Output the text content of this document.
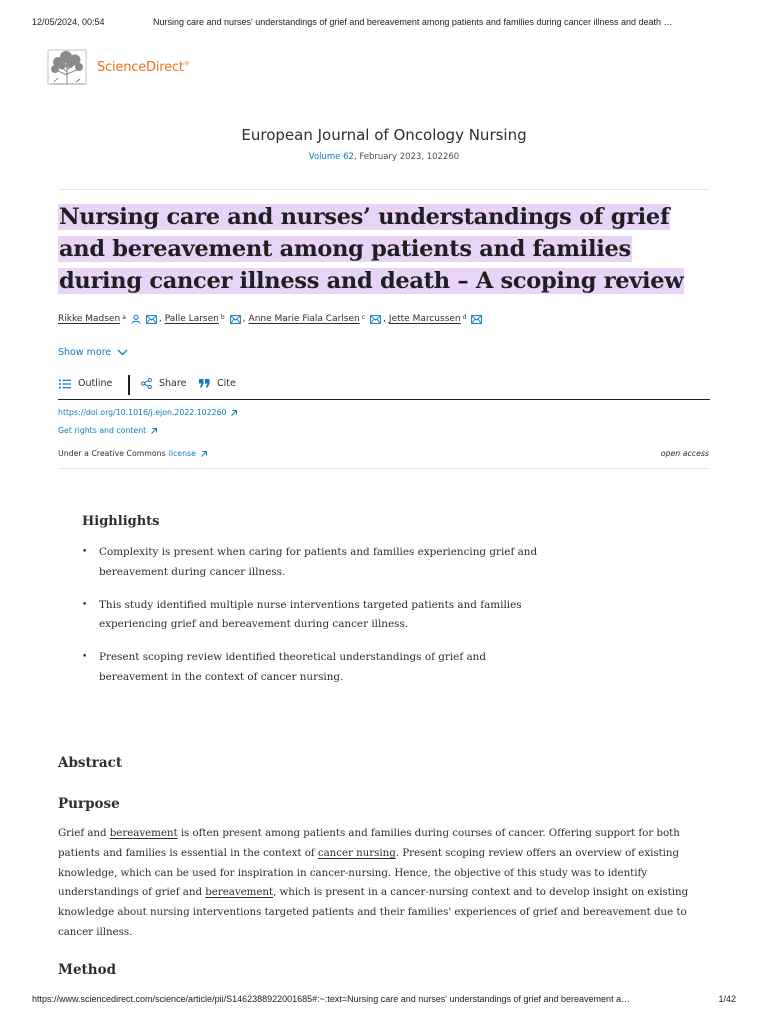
12/05/2024, 00:54	Nursing care and nurses' understandings of grief and bereavement among patients and families during cancer illness and death …
ScienceDirect®
European Journal of Oncology Nursing
Volume 62, February 2023, 102260
Nursing care and nurses’ understandings of grief and bereavement among patients and families during cancer illness and death – A scoping review
Rikke Madsen $^a$	, Palle Larsen $^b$ , Anne Marie Fiala Carlsen $^c$ , Jette Marcussen $^d$
Show more
Outline	Share	Cite
https://doi.org/10.1016/j.ejon.2022.102260
Get rights and content
Under a Creative Commons license	open access
Highlights
• Complexity is present when caring for patients and families experiencing grief and bereavement during cancer illness.
• This study identified multiple nurse interventions targeted patients and families experiencing grief and bereavement during cancer illness.
• Present scoping review identified theoretical understandings of grief and bereavement in the context of cancer nursing.
Abstract
Purpose

Grief and bereavement is often present among patients and families during courses of cancer. Offering support for both patients and families is essential in the context of cancer nursing. Present scoping review offers an overview of existing knowledge, which can be used for inspiration in cancer-nursing. Hence, the objective of this study was to identify understandings of grief and bereavement, which is present in a cancer-nursing context and to develop insight on existing knowledge about nursing interventions targeted patients and their families' experiences of grief and bereavement due to cancer illness.

Method
https://www.sciencedirect.com/science/article/pii/S1462388922001685#:~:text=Nursing care and nurses' understandings of grief and bereavement a…	1/42
